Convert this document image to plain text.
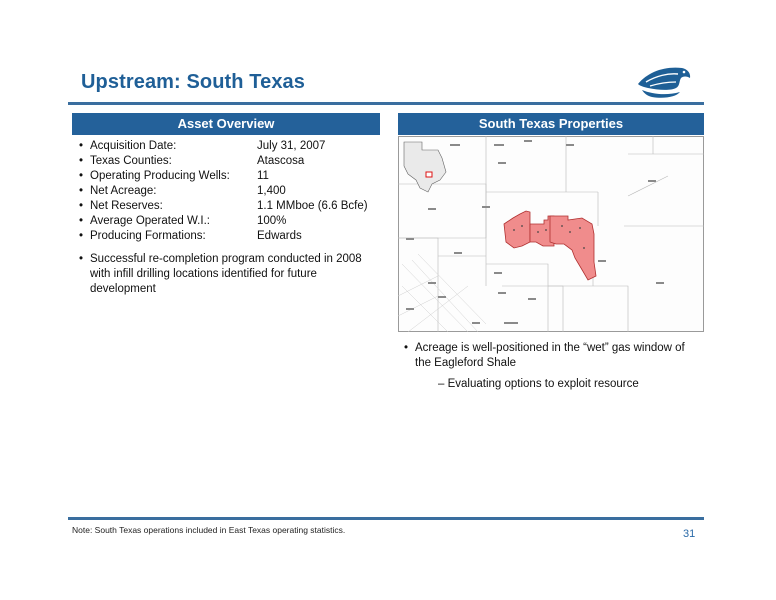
Upstream: South Texas
Asset Overview	South Texas Properties
• Acquisition Date:	July 31, 2007
• Texas Counties:	Atascosa
• Operating Producing Wells: 11
• Net Acreage:	1,400
• Net Reserves:	1.1 MMboe (6.6 Bcfe)
• Average Operated W.I.:	100%
• Producing Formations:	Edwards
• Successful re-completion program conducted in 2008 with infill drilling locations identified for future development
• Acreage is well-positioned in the “wet” gas window of the Eagleford Shale
– Evaluating options to exploit resource
Note: South Texas operations included in East Texas operating statistics.	31
